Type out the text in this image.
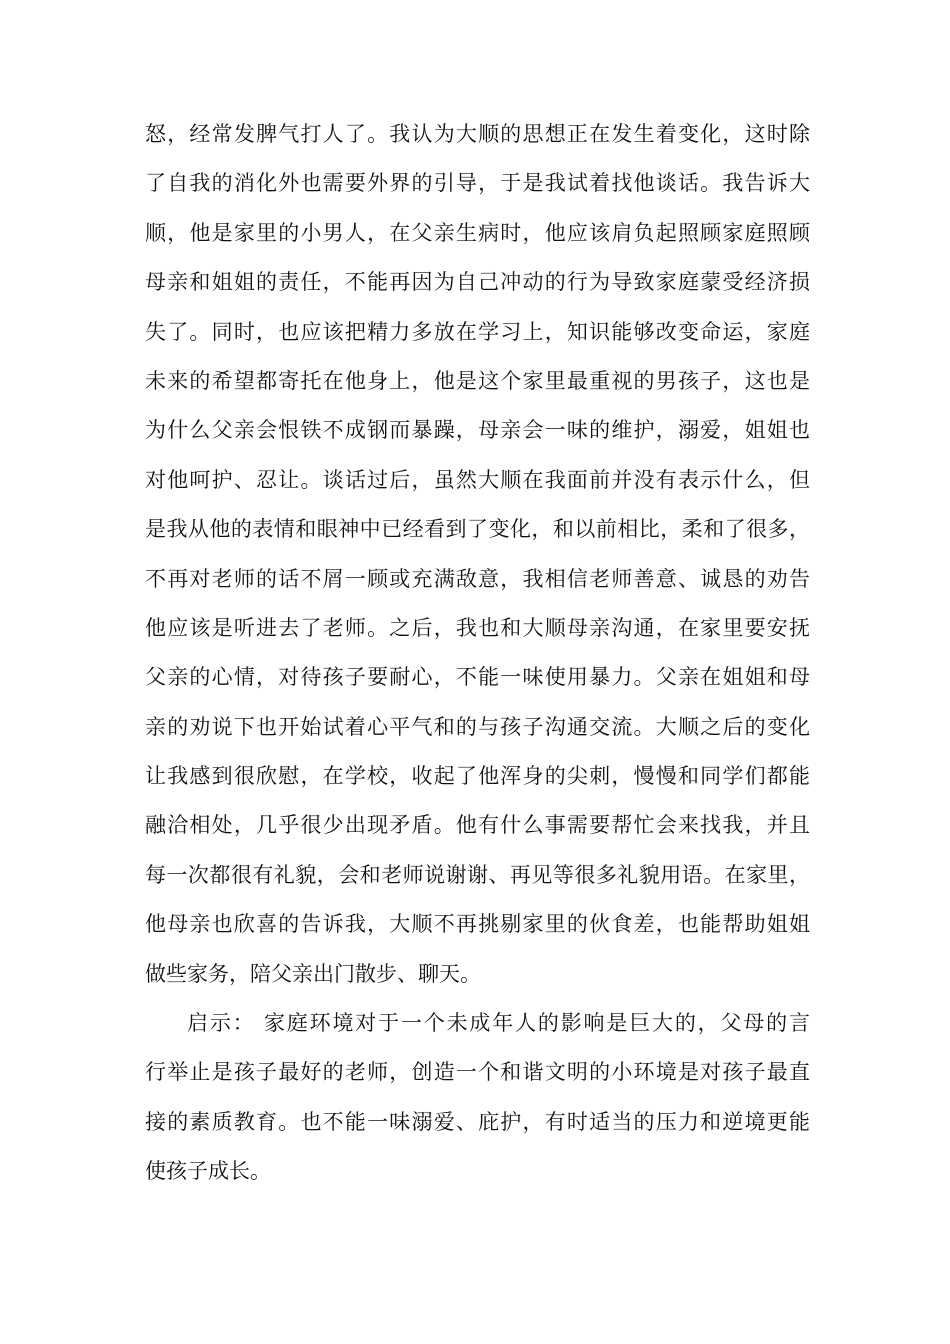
怒，经常发脾气打人了。我认为大顺的思想正在发生着变化，这时除
了自我的消化外也需要外界的引导，于是我试着找他谈话。我告诉大
顺，他是家里的小男人，在父亲生病时，他应该肩负起照顾家庭照顾
母亲和姐姐的责任，不能再因为自己冲动的行为导致家庭蒙受经济损
失了。同时，也应该把精力多放在学习上，知识能够改变命运，家庭
未来的希望都寄托在他身上，他是这个家里最重视的男孩子，这也是
为什么父亲会恨铁不成钢而暴躁，母亲会一味的维护，溺爱，姐姐也
对他呵护、忍让。谈话过后，虽然大顺在我面前并没有表示什么，但
是我从他的表情和眼神中已经看到了变化，和以前相比，柔和了很多，
不再对老师的话不屑一顾或充满敌意，我相信老师善意、诚恳的劝告
他应该是听进去了老师。之后，我也和大顺母亲沟通，在家里要安抚
父亲的心情，对待孩子要耐心，不能一味使用暴力。父亲在姐姐和母
亲的劝说下也开始试着心平气和的与孩子沟通交流。大顺之后的变化
让我感到很欣慰，在学校，收起了他浑身的尖刺，慢慢和同学们都能
融洽相处，几乎很少出现矛盾。他有什么事需要帮忙会来找我，并且
每一次都很有礼貌，会和老师说谢谢、再见等很多礼貌用语。在家里，
他母亲也欣喜的告诉我，大顺不再挑剔家里的伙食差，也能帮助姐姐
做些家务，陪父亲出门散步、聊天。
启示： 家庭环境对于一个未成年人的影响是巨大的，父母的言
行举止是孩子最好的老师，创造一个和谐文明的小环境是对孩子最直
接的素质教育。也不能一味溺爱、庇护，有时适当的压力和逆境更能
使孩子成长。
